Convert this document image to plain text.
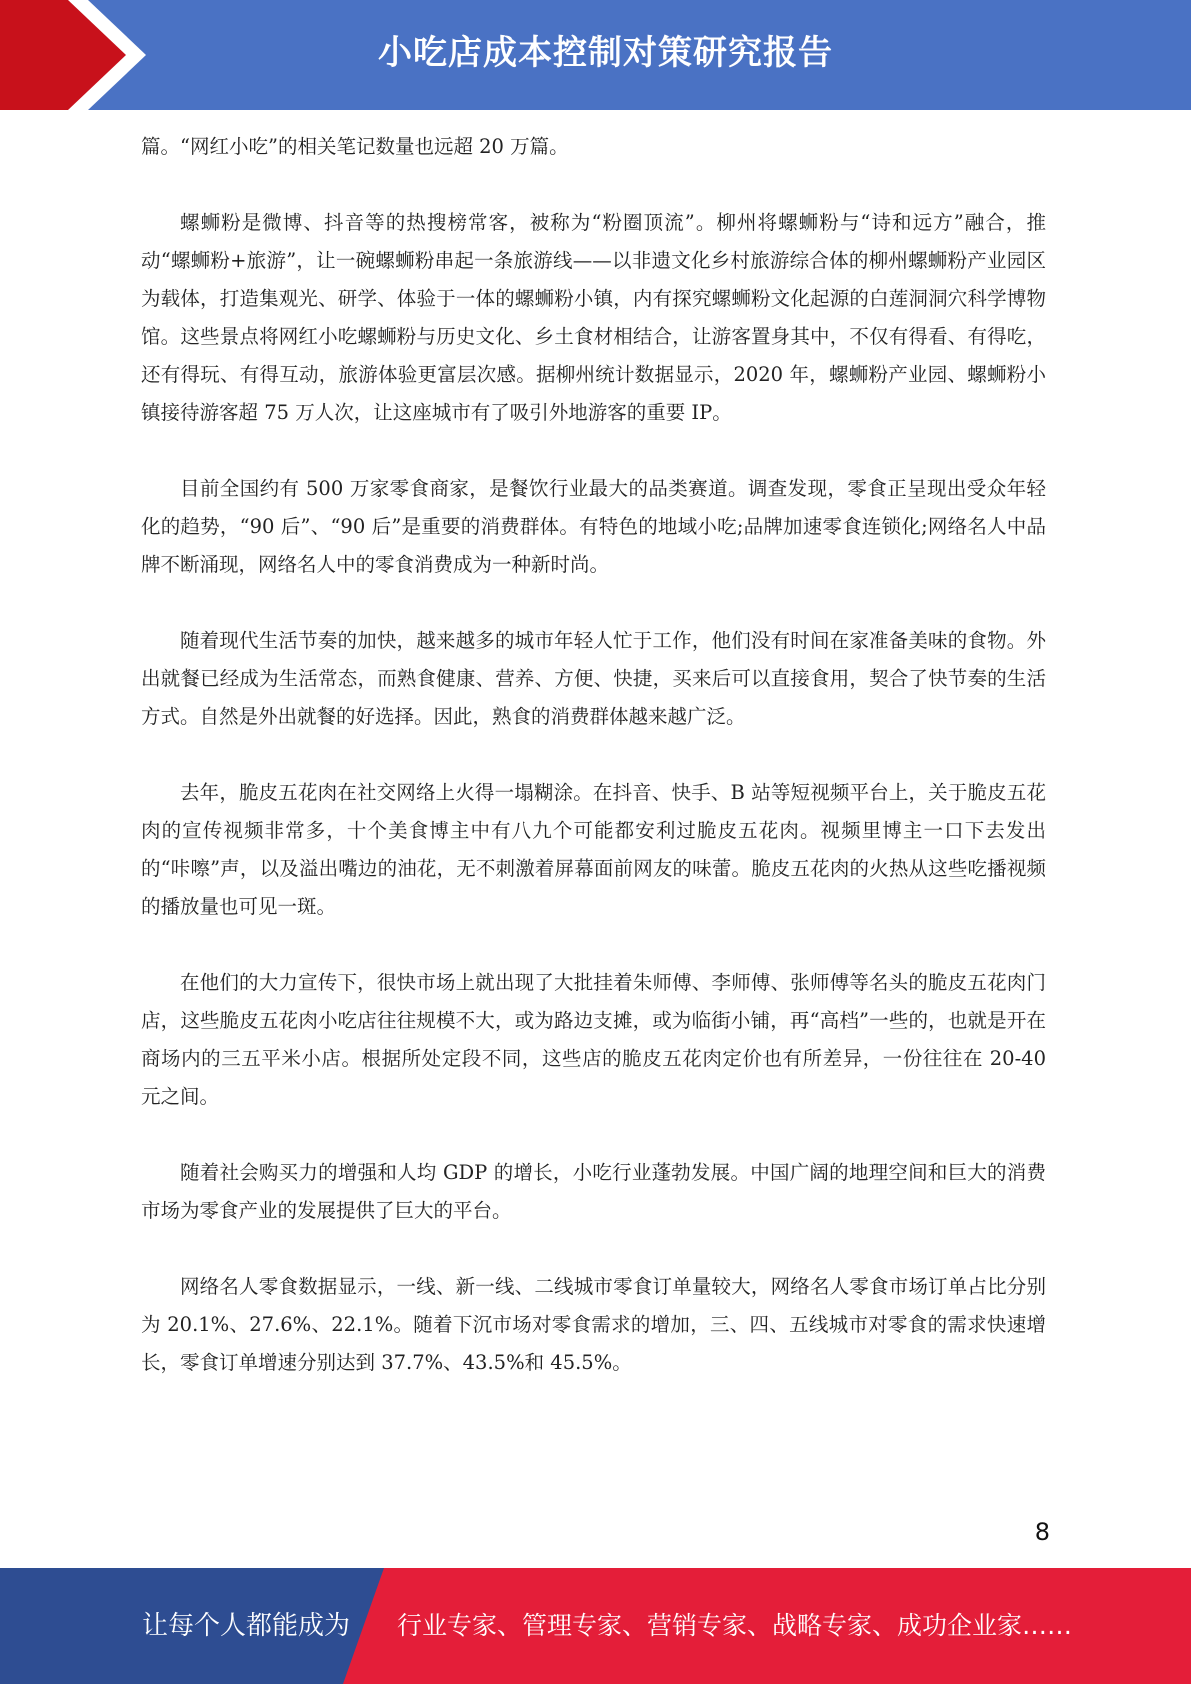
小吃店成本控制对策研究报告

篇。“网红小吃”的相关笔记数量也远超 20 万篇。

螺蛳粉是微博、抖音等的热搜榜常客，被称为“粉圈顶流”。柳州将螺蛳粉与“诗和远方”融合，推动“螺蛳粉+旅游”，让一碗螺蛳粉串起一条旅游线——以非遗文化乡村旅游综合体的柳州螺蛳粉产业园区为载体，打造集观光、研学、体验于一体的螺蛳粉小镇，内有探究螺蛳粉文化起源的白莲洞洞穴科学博物馆。这些景点将网红小吃螺蛳粉与历史文化、乡土食材相结合，让游客置身其中，不仅有得看、有得吃，还有得玩、有得互动，旅游体验更富层次感。据柳州统计数据显示，2020 年，螺蛳粉产业园、螺蛳粉小镇接待游客超 75 万人次，让这座城市有了吸引外地游客的重要 IP。

目前全国约有 500 万家零食商家，是餐饮行业最大的品类赛道。调查发现，零食正呈现出受众年轻化的趋势，“90 后”、“90 后”是重要的消费群体。有特色的地域小吃;品牌加速零食连锁化;网络名人中品牌不断涌现，网络名人中的零食消费成为一种新时尚。

随着现代生活节奏的加快，越来越多的城市年轻人忙于工作，他们没有时间在家准备美味的食物。外出就餐已经成为生活常态，而熟食健康、营养、方便、快捷，买来后可以直接食用，契合了快节奏的生活方式。自然是外出就餐的好选择。因此，熟食的消费群体越来越广泛。

去年，脆皮五花肉在社交网络上火得一塌糊涂。在抖音、快手、B 站等短视频平台上，关于脆皮五花肉的宣传视频非常多，十个美食博主中有八九个可能都安利过脆皮五花肉。视频里博主一口下去发出的“咔嚓”声，以及溢出嘴边的油花，无不刺激着屏幕面前网友的味蕾。脆皮五花肉的火热从这些吃播视频的播放量也可见一斑。

在他们的大力宣传下，很快市场上就出现了大批挂着朱师傅、李师傅、张师傅等名头的脆皮五花肉门店，这些脆皮五花肉小吃店往往规模不大，或为路边支摊，或为临街小铺，再“高档”一些的，也就是开在商场内的三五平米小店。根据所处定段不同，这些店的脆皮五花肉定价也有所差异，一份往往在 20-40 元之间。

随着社会购买力的增强和人均 GDP 的增长，小吃行业蓬勃发展。中国广阔的地理空间和巨大的消费市场为零食产业的发展提供了巨大的平台。

网络名人零食数据显示，一线、新一线、二线城市零食订单量较大，网络名人零食市场订单占比分别为 20.1%、27.6%、22.1%。随着下沉市场对零食需求的增加，三、四、五线城市对零食的需求快速增长，零食订单增速分别达到 37.7%、43.5%和 45.5%。

8
让每个人都能成为 行业专家、管理专家、营销专家、战略专家、成功企业家……
